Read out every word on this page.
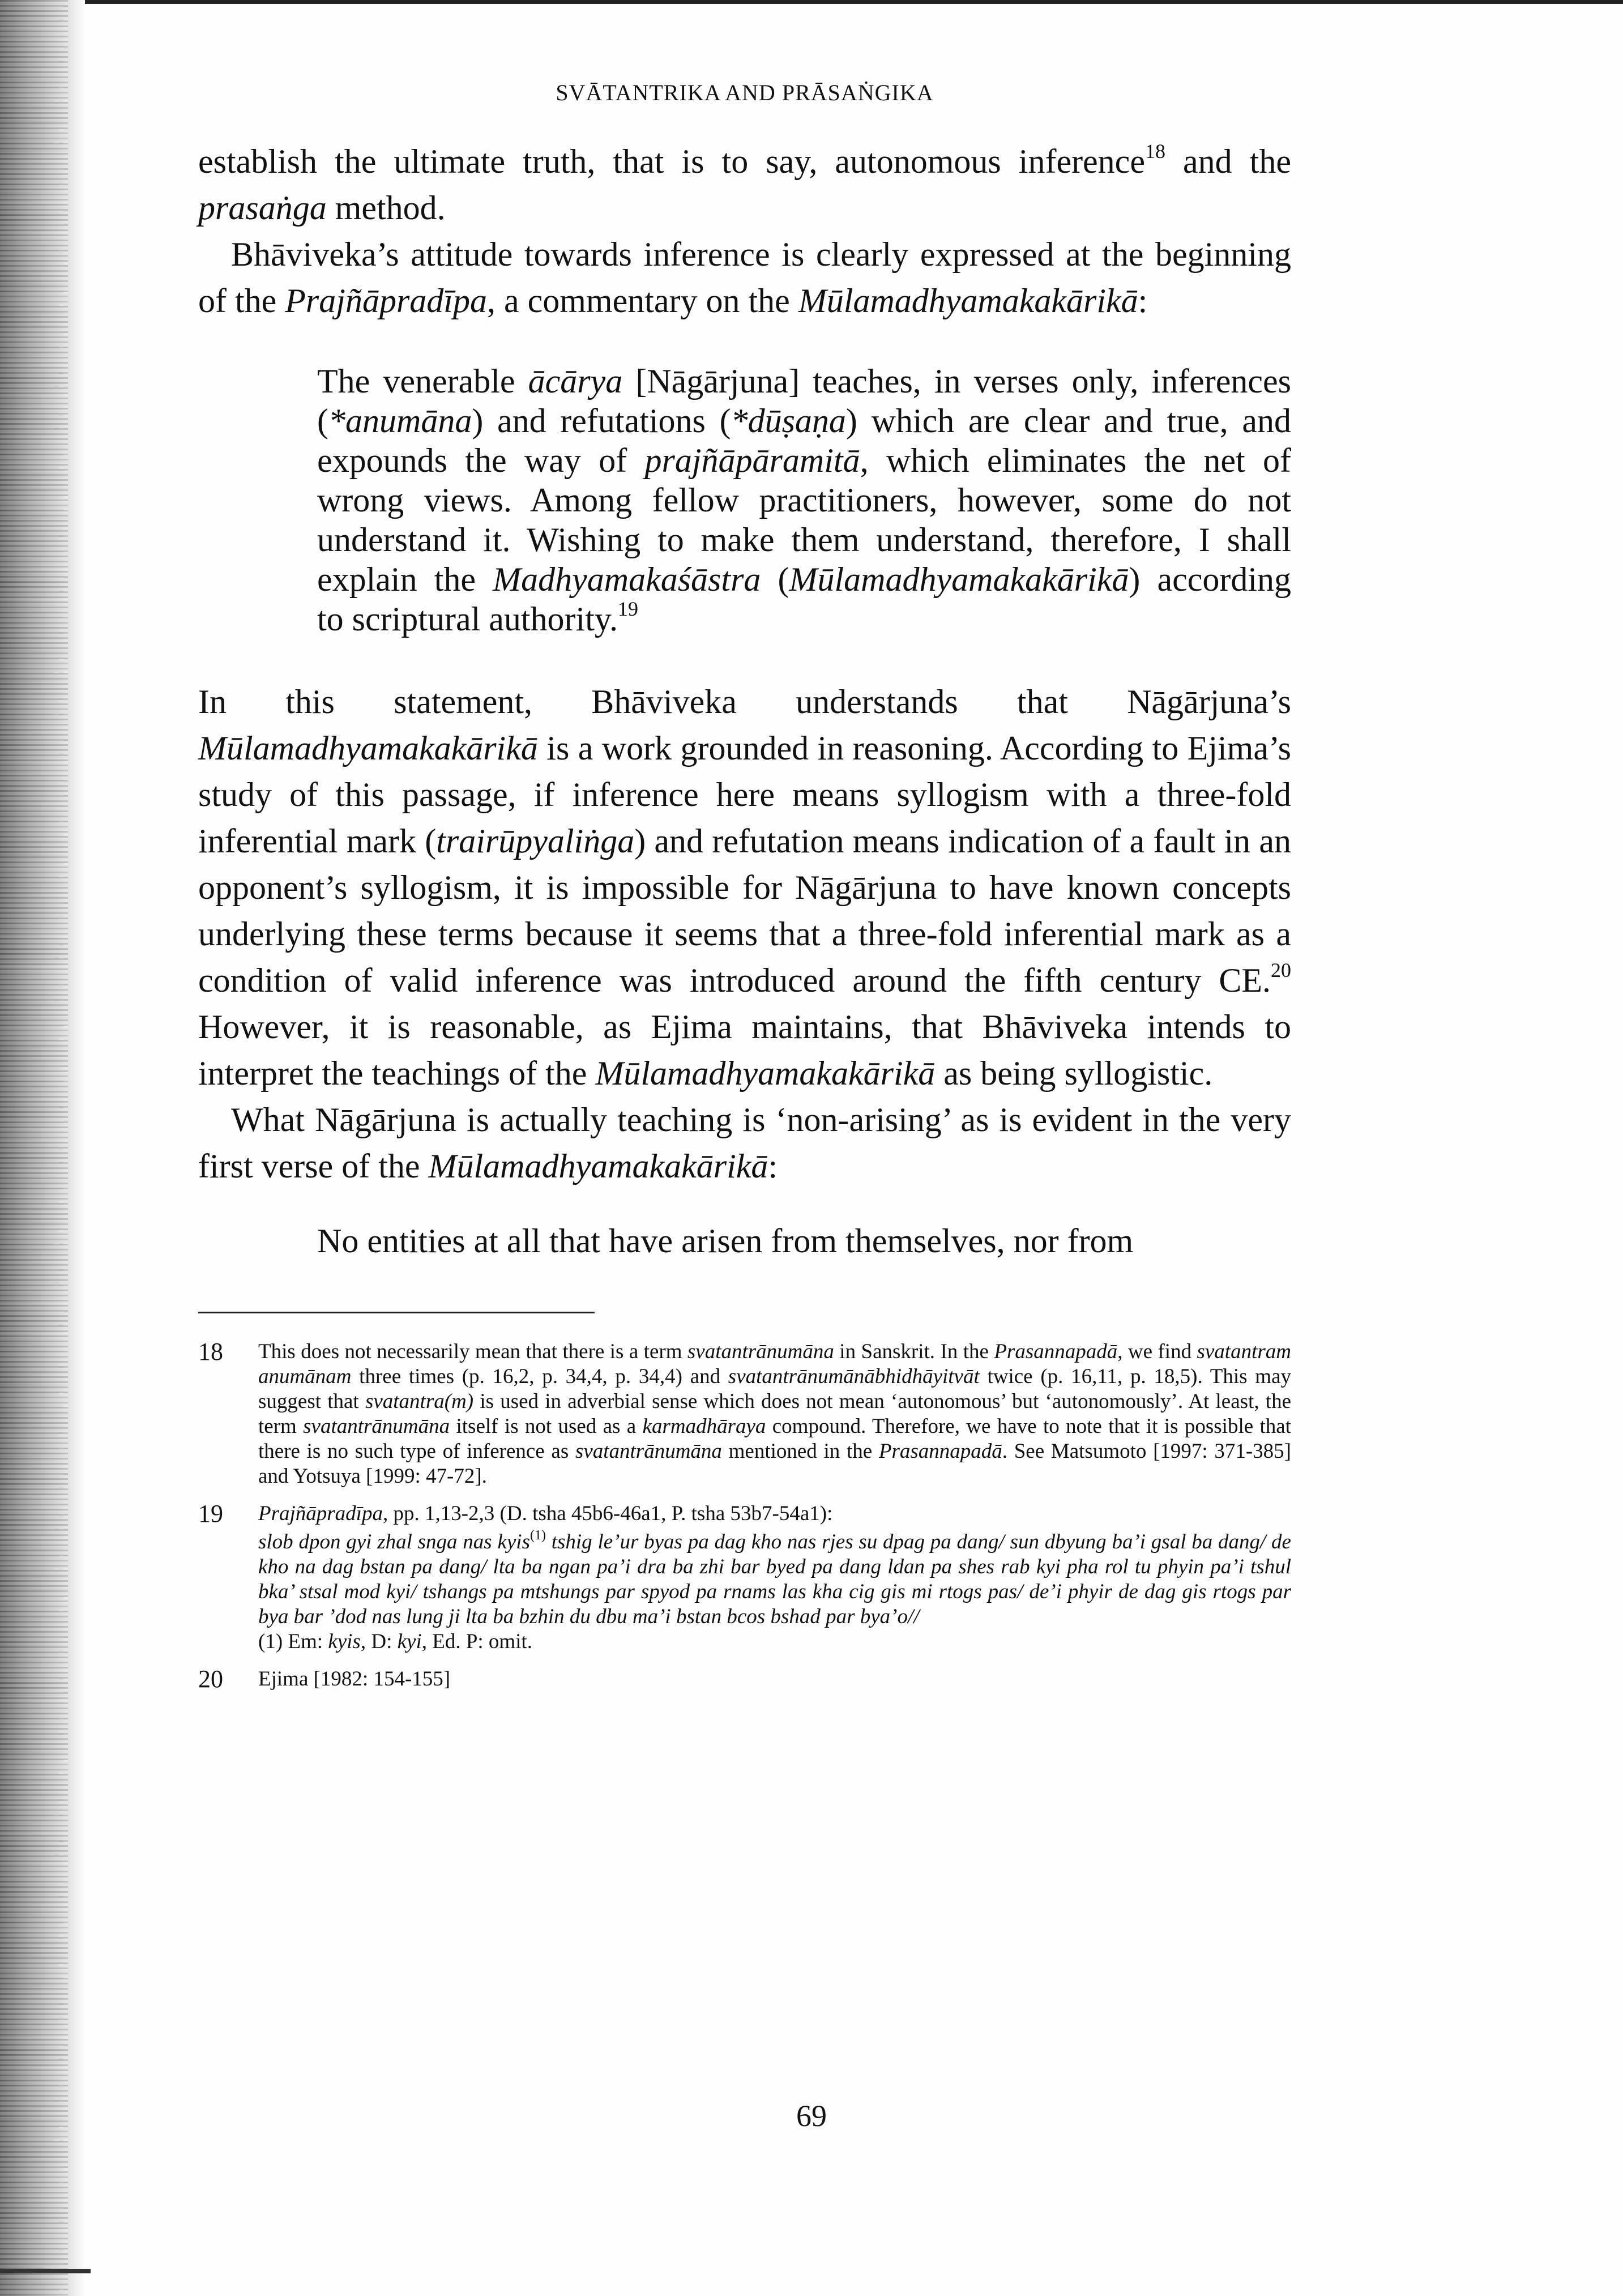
SVĀTANTRIKA AND PRĀSAṄGIKA

establish the ultimate truth, that is to say, autonomous inference$^{18}$ and the prasaṅga method.

Bhāviveka’s attitude towards inference is clearly expressed at the beginning of the Prajñāpradīpa, a commentary on the Mūlamadhyamakakārikā:

The venerable ācārya [Nāgārjuna] teaches, in verses only, inferences (*anumāna) and refutations (*dūṣaṇa) which are clear and true, and expounds the way of prajñāpāramitā, which eliminates the net of wrong views. Among fellow practitioners, however, some do not understand it. Wishing to make them understand, therefore, I shall explain the Madhyamakaśāstra (Mūlamadhyamakakārikā) according to scriptural authority.$^{19}$

In this statement, Bhāviveka understands that Nāgārjuna’s Mūlamadhyamakakārikā is a work grounded in reasoning. According to Ejima’s study of this passage, if inference here means syllogism with a three-fold inferential mark (trairūpyaliṅga) and refutation means indication of a fault in an opponent’s syllogism, it is impossible for Nāgārjuna to have known concepts underlying these terms because it seems that a three-fold inferential mark as a condition of valid inference was introduced around the fifth century CE.$^{20}$ However, it is reasonable, as Ejima maintains, that Bhāviveka intends to interpret the teachings of the Mūlamadhyamakakārikā as being syllogistic.

What Nāgārjuna is actually teaching is ‘non-arising’ as is evident in the very first verse of the Mūlamadhyamakakārikā:

No entities at all that have arisen from themselves, nor from

18	This does not necessarily mean that there is a term svatantrānumāna in Sanskrit. In the Prasannapadā, we find svatantram anumānam three times (p. 16,2, p. 34,4, p. 34,4) and svatantrānumānābhidhāyitvāt twice (p. 16,11, p. 18,5). This may suggest that svatantra(m) is used in adverbial sense which does not mean ‘autonomous’ but ‘autonomously’. At least, the term svatantrānumāna itself is not used as a karmadhāraya compound. Therefore, we have to note that it is possible that there is no such type of inference as svatantrānumāna mentioned in the Prasannapadā. See Matsumoto [1997: 371-385] and Yotsuya [1999: 47-72].
19	Prajñāpradīpa, pp. 1,13-2,3 (D. tsha 45b6-46a1, P. tsha 53b7-54a1):
slob dpon gyi zhal snga nas kyis$^{(1)}$ tshig le’ur byas pa dag kho nas rjes su dpag pa dang/ sun dbyung ba’i gsal ba dang/ de kho na dag bstan pa dang/ lta ba ngan pa’i dra ba zhi bar byed pa dang ldan pa shes rab kyi pha rol tu phyin pa’i tshul bka’ stsal mod kyi/ tshangs pa mtshungs par spyod pa rnams las kha cig gis mi rtogs pas/ de’i phyir de dag gis rtogs par bya bar ’dod nas lung ji lta ba bzhin du dbu ma’i bstan bcos bshad par bya’o//
(1) Em: kyis, D: kyi, Ed. P: omit.
20	Ejima [1982: 154-155]
69
